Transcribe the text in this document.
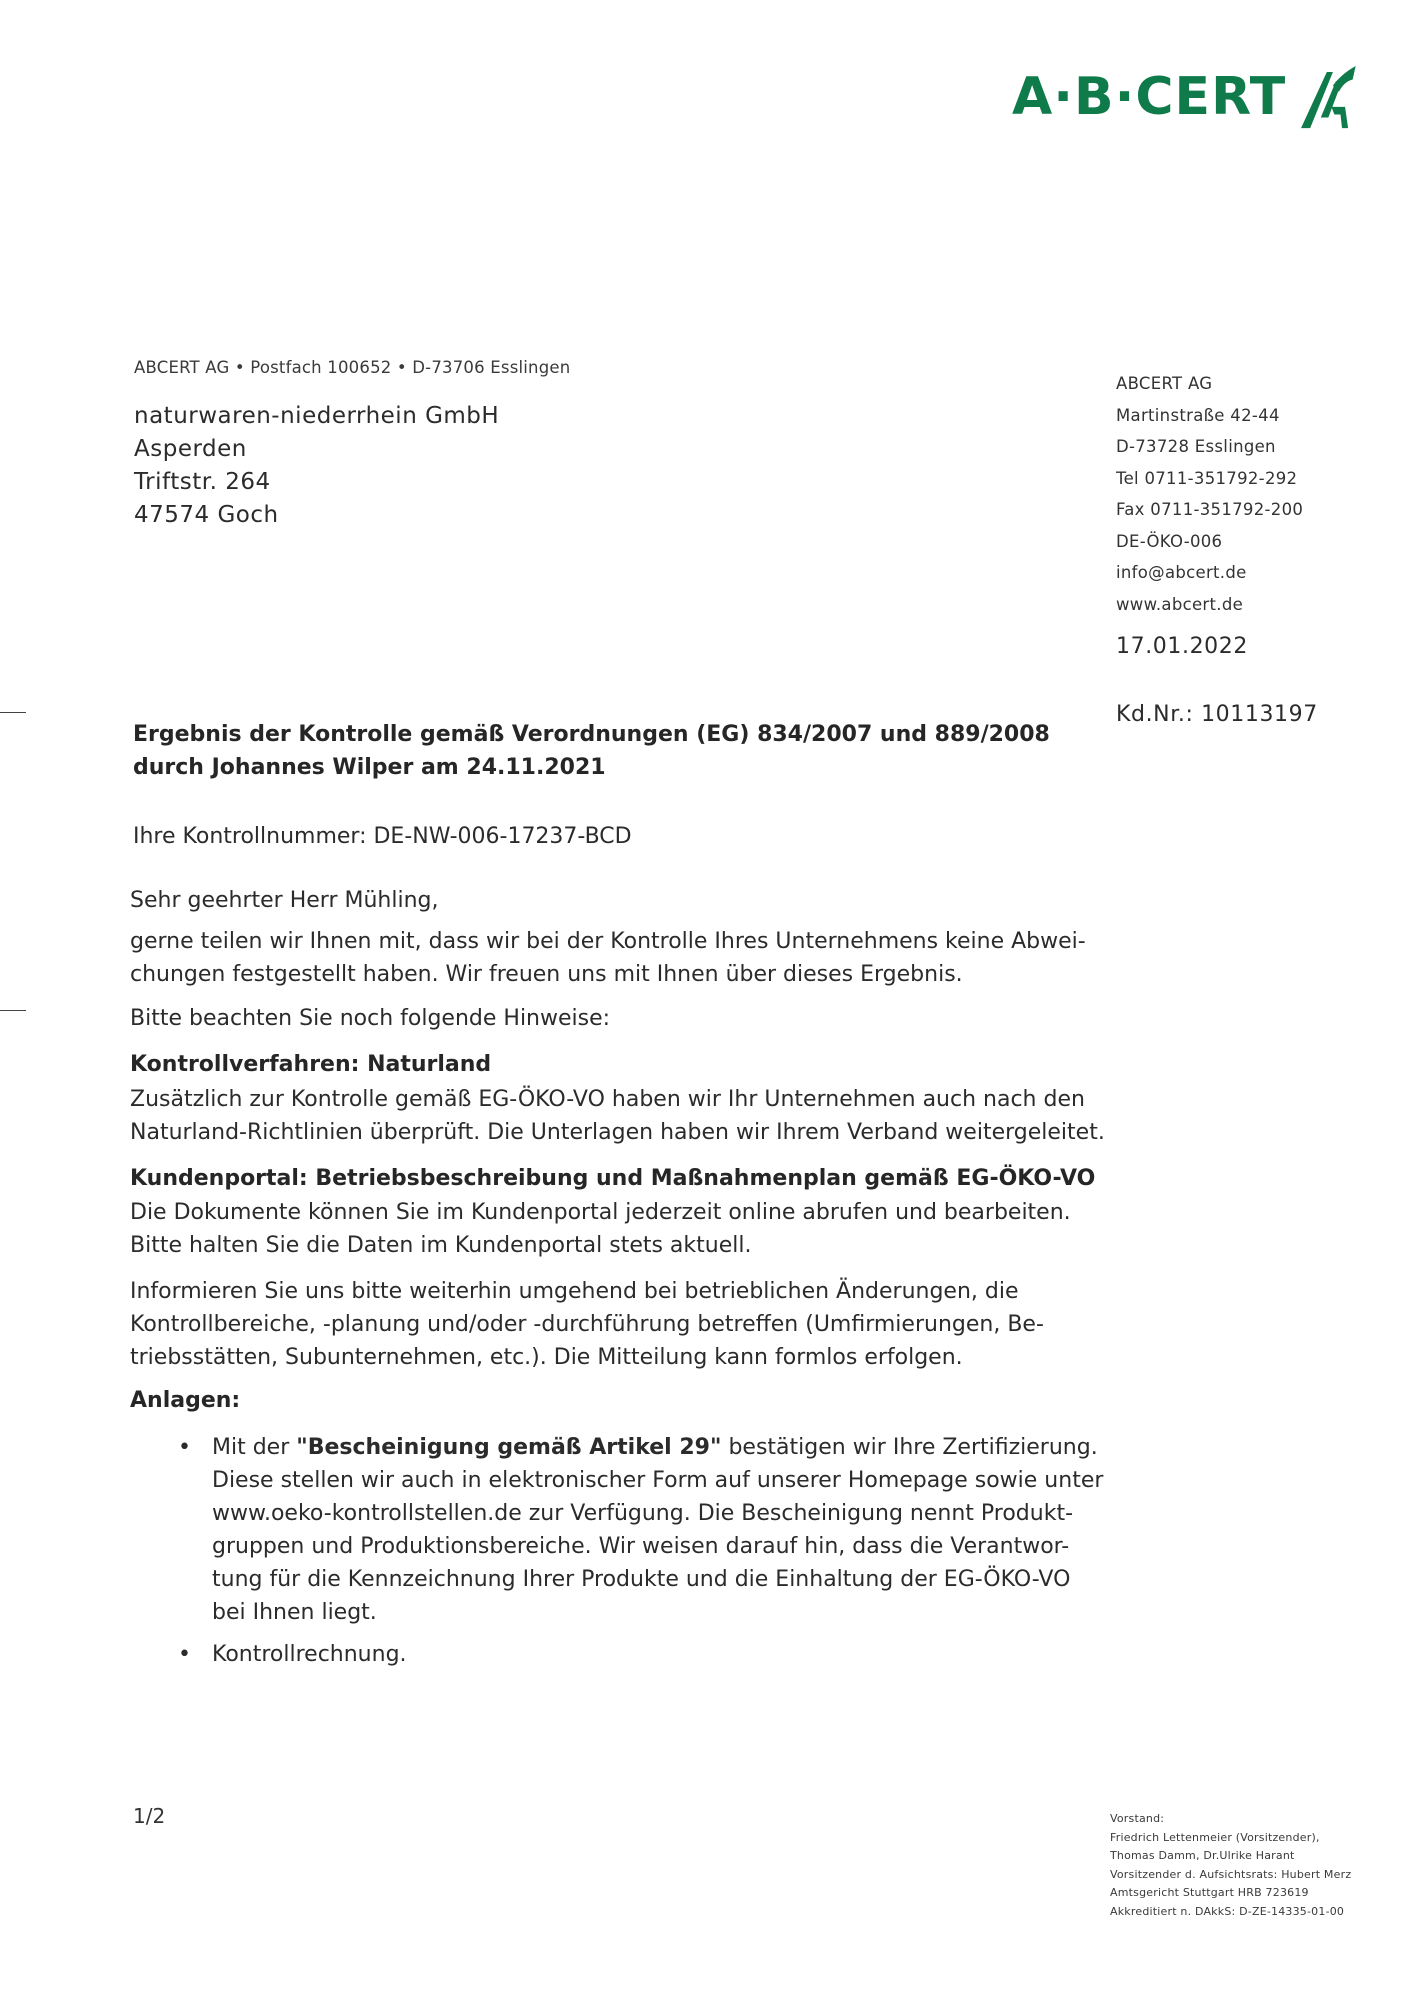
A·B·CERT
ABCERT AG • Postfach 100652 • D-73706 Esslingen
naturwaren-niederrhein GmbH
Asperden
Triftstr. 264
47574 Goch
ABCERT AG
Martinstraße 42-44
D-73728 Esslingen
Tel 0711-351792-292
Fax 0711-351792-200
DE-ÖKO-006
info@abcert.de
www.abcert.de
17.01.2022
Kd.Nr.: 10113197
Ergebnis der Kontrolle gemäß Verordnungen (EG) 834/2007 und 889/2008
durch Johannes Wilper am 24.11.2021
Ihre Kontrollnummer: DE-NW-006-17237-BCD
Sehr geehrter Herr Mühling,
gerne teilen wir Ihnen mit, dass wir bei der Kontrolle Ihres Unternehmens keine Abwei-
chungen festgestellt haben. Wir freuen uns mit Ihnen über dieses Ergebnis.
Bitte beachten Sie noch folgende Hinweise:
Kontrollverfahren: Naturland
Zusätzlich zur Kontrolle gemäß EG-ÖKO-VO haben wir Ihr Unternehmen auch nach den
Naturland-Richtlinien überprüft. Die Unterlagen haben wir Ihrem Verband weitergeleitet.
Kundenportal: Betriebsbeschreibung und Maßnahmenplan gemäß EG-ÖKO-VO
Die Dokumente können Sie im Kundenportal jederzeit online abrufen und bearbeiten.
Bitte halten Sie die Daten im Kundenportal stets aktuell.
Informieren Sie uns bitte weiterhin umgehend bei betrieblichen Änderungen, die
Kontrollbereiche, -planung und/oder -durchführung betreffen (Umfirmierungen, Be-
triebsstätten, Subunternehmen, etc.). Die Mitteilung kann formlos erfolgen.
Anlagen:
• Mit der "Bescheinigung gemäß Artikel 29" bestätigen wir Ihre Zertifizierung.
Diese stellen wir auch in elektronischer Form auf unserer Homepage sowie unter
www.oeko-kontrollstellen.de zur Verfügung. Die Bescheinigung nennt Produkt-
gruppen und Produktionsbereiche. Wir weisen darauf hin, dass die Verantwor-
tung für die Kennzeichnung Ihrer Produkte und die Einhaltung der EG-ÖKO-VO
bei Ihnen liegt.
• Kontrollrechnung.
1/2	Vorstand:
Friedrich Lettenmeier (Vorsitzender),
Thomas Damm, Dr.Ulrike Harant
Vorsitzender d. Aufsichtsrats: Hubert Merz
Amtsgericht Stuttgart HRB 723619
Akkreditiert n. DAkkS: D-ZE-14335-01-00
